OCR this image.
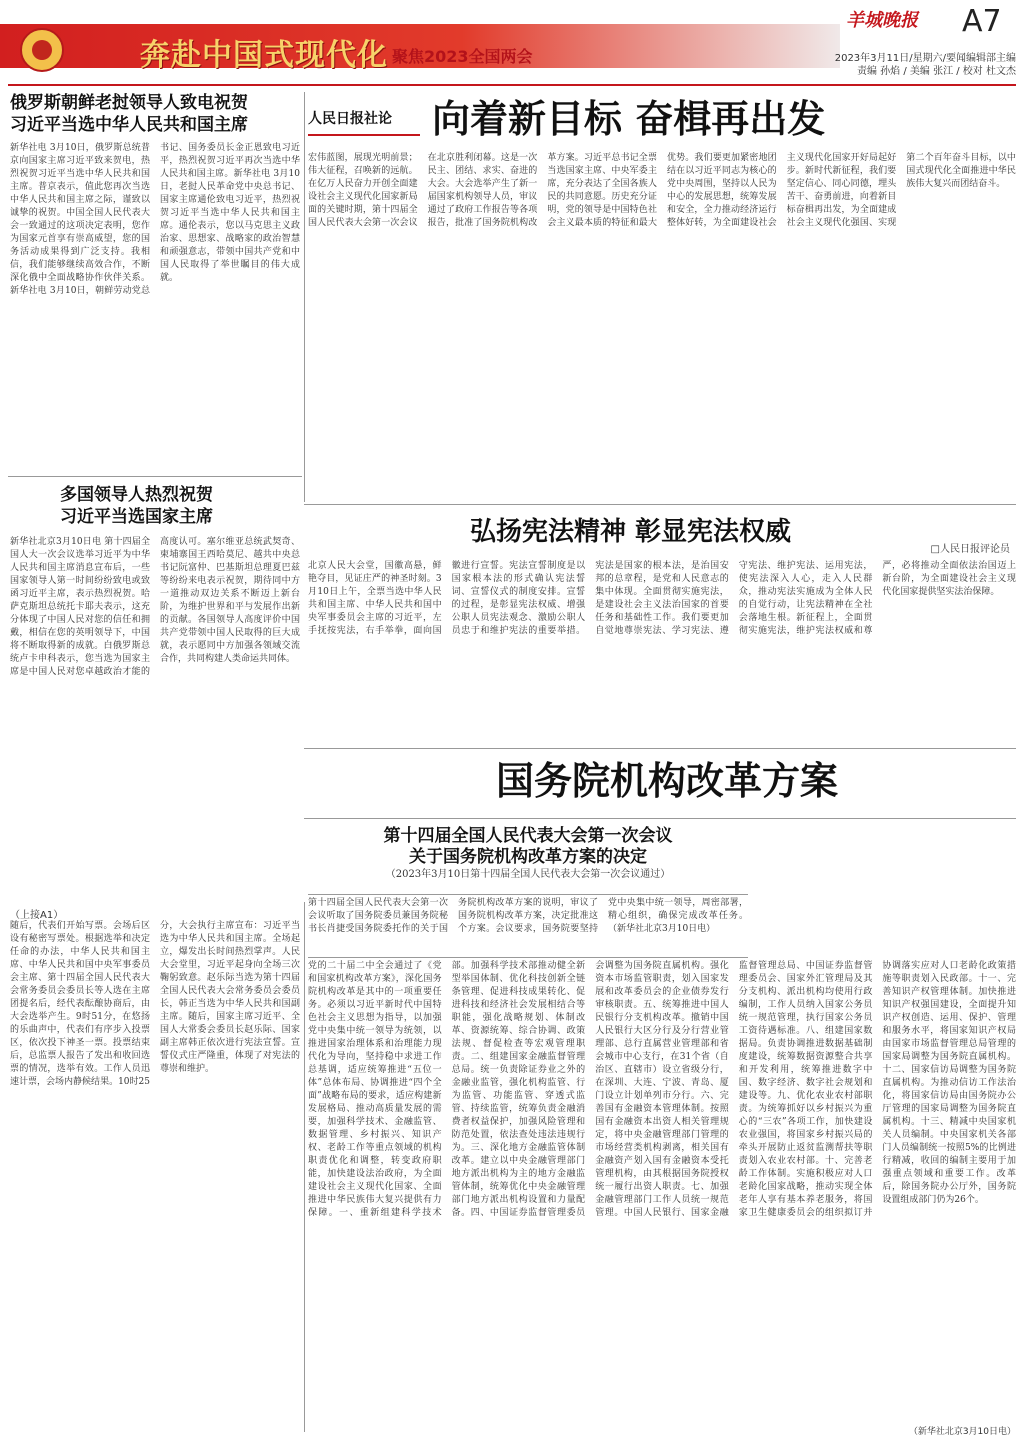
奔赴中国式现代化 聚焦2023全国两会
羊城晚报 A7
2023年3月11日/星期六/要闻编辑部主编
责编 孙焰 / 美编 张江 / 校对 杜文杰
俄罗斯朝鲜老挝领导人致电祝贺
习近平当选中华人民共和国主席
新华社电 3月10日，俄罗斯总统普京向国家主席习近平致来贺电，热烈祝贺习近平当选中华人民共和国主席。普京表示，值此您再次当选中华人民共和国主席之际，谨致以诚挚的祝贺。中国全国人民代表大会一致通过的这项决定表明，您作为国家元首享有崇高威望，您的国务活动成果得到广泛支持。我相信，我们能够继续高效合作，不断深化俄中全面战略协作伙伴关系。新华社电 3月10日，朝鲜劳动党总书记、国务委员长金正恩致电习近平，热烈祝贺习近平再次当选中华人民共和国主席。新华社电 3月10日，老挝人民革命党中央总书记、国家主席通伦致电习近平，热烈祝贺习近平当选中华人民共和国主席。通伦表示，您以马克思主义政治家、思想家、战略家的政治智慧和顽强意志，带领中国共产党和中国人民取得了举世瞩目的伟大成就。
人民日报社论	向着新目标 奋楫再出发
宏伟蓝图，展现光明前景；伟大征程，召唤新的远航。在亿万人民奋力开创全面建设社会主义现代化国家新局面的关键时期，第十四届全国人民代表大会第一次会议在北京胜利闭幕。这是一次民主、团结、求实、奋进的大会。大会选举产生了新一届国家机构领导人员，审议通过了政府工作报告等各项报告，批准了国务院机构改革方案。习近平总书记全票当选国家主席、中央军委主席，充分表达了全国各族人民的共同意愿。历史充分证明，党的领导是中国特色社会主义最本质的特征和最大优势。我们要更加紧密地团结在以习近平同志为核心的党中央周围，坚持以人民为中心的发展思想，统筹发展和安全，全力推动经济运行整体好转，为全面建设社会主义现代化国家开好局起好步。新时代新征程，我们要坚定信心、同心同德，埋头苦干、奋勇前进，向着新目标奋楫再出发，为全面建成社会主义现代化强国、实现第二个百年奋斗目标，以中国式现代化全面推进中华民族伟大复兴而团结奋斗。
多国领导人热烈祝贺
习近平当选国家主席
新华社北京3月10日电 第十四届全国人大一次会议选举习近平为中华人民共和国主席消息宣布后，一些国家领导人第一时间纷纷致电或致函习近平主席，表示热烈祝贺。哈萨克斯坦总统托卡耶夫表示，这充分体现了中国人民对您的信任和拥戴，相信在您的英明领导下，中国将不断取得新的成就。白俄罗斯总统卢卡申科表示，您当选为国家主席是中国人民对您卓越政治才能的高度认可。塞尔维亚总统武契奇、柬埔寨国王西哈莫尼、越共中央总书记阮富仲、巴基斯坦总理夏巴兹等纷纷来电表示祝贺，期待同中方一道推动双边关系不断迈上新台阶，为维护世界和平与发展作出新的贡献。各国领导人高度评价中国共产党带领中国人民取得的巨大成就，表示愿同中方加强各领域交流合作，共同构建人类命运共同体。
弘扬宪法精神 彰显宪法权威
□人民日报评论员
北京人民大会堂，国徽高悬，鲜艳夺目，见证庄严的神圣时刻。3月10日上午，全票当选中华人民共和国主席、中华人民共和国中央军事委员会主席的习近平，左手抚按宪法，右手举拳，面向国徽进行宣誓。宪法宣誓制度是以国家根本法的形式确认宪法誓词、宣誓仪式的制度安排。宣誓的过程，是彰显宪法权威、增强公职人员宪法观念、激励公职人员忠于和维护宪法的重要举措。宪法是国家的根本法，是治国安邦的总章程，是党和人民意志的集中体现。全面贯彻实施宪法，是建设社会主义法治国家的首要任务和基础性工作。我们要更加自觉地尊崇宪法、学习宪法、遵守宪法、维护宪法、运用宪法，使宪法深入人心，走入人民群众，推动宪法实施成为全体人民的自觉行动，让宪法精神在全社会落地生根。新征程上，全面贯彻实施宪法，维护宪法权威和尊严，必将推动全面依法治国迈上新台阶，为全面建设社会主义现代化国家提供坚实法治保障。
国务院机构改革方案
第十四届全国人民代表大会第一次会议
关于国务院机构改革方案的决定
（2023年3月10日第十四届全国人民代表大会第一次会议通过）
第十四届全国人民代表大会第一次会议听取了国务院委员兼国务院秘书长肖捷受国务院委托作的关于国务院机构改革方案的说明，审议了国务院机构改革方案，决定批准这个方案。会议要求，国务院要坚持党中央集中统一领导，周密部署，精心组织，确保完成改革任务。 （新华社北京3月10日电）
（上接A1）
随后，代表们开始写票。会场后区设有秘密写票处。根据选举和决定任命的办法，中华人民共和国主席、中华人民共和国中央军事委员会主席、第十四届全国人民代表大会常务委员会委员长等人选在主席团提名后，经代表酝酿协商后，由大会选举产生。9时51分，在悠扬的乐曲声中，代表们有序步入投票区，依次投下神圣一票。投票结束后，总监票人报告了发出和收回选票的情况，选举有效。工作人员迅速计票，会场内静候结果。10时25分，大会执行主席宣布：习近平当选为中华人民共和国主席。全场起立，爆发出长时间热烈掌声。人民大会堂里，习近平起身向全场三次鞠躬致意。赵乐际当选为第十四届全国人民代表大会常务委员会委员长，韩正当选为中华人民共和国副主席。随后，国家主席习近平、全国人大常委会委员长赵乐际、国家副主席韩正依次进行宪法宣誓。宣誓仪式庄严隆重，体现了对宪法的尊崇和维护。
党的二十届二中全会通过了《党和国家机构改革方案》，深化国务院机构改革是其中的一项重要任务。必须以习近平新时代中国特色社会主义思想为指导，以加强党中央集中统一领导为统领，以推进国家治理体系和治理能力现代化为导向，坚持稳中求进工作总基调，适应统筹推进“五位一体”总体布局、协调推进“四个全面”战略布局的要求，适应构建新发展格局、推动高质量发展的需要，加强科学技术、金融监管、数据管理、乡村振兴、知识产权、老龄工作等重点领域的机构职责优化和调整，转变政府职能，加快建设法治政府，为全面建设社会主义现代化国家、全面推进中华民族伟大复兴提供有力保障。一、重新组建科学技术部。加强科学技术部推动健全新型举国体制、优化科技创新全链条管理、促进科技成果转化、促进科技和经济社会发展相结合等职能，强化战略规划、体制改革、资源统筹、综合协调、政策法规、督促检查等宏观管理职责。二、组建国家金融监督管理总局。统一负责除证券业之外的金融业监管，强化机构监管、行为监管、功能监管、穿透式监管、持续监管，统筹负责金融消费者权益保护，加强风险管理和防范处置，依法查处违法违规行为。三、深化地方金融监管体制改革。建立以中央金融管理部门地方派出机构为主的地方金融监管体制，统筹优化中央金融管理部门地方派出机构设置和力量配备。四、中国证券监督管理委员会调整为国务院直属机构。强化资本市场监管职责，划入国家发展和改革委员会的企业债券发行审核职责。五、统筹推进中国人民银行分支机构改革。撤销中国人民银行大区分行及分行营业管理部、总行直属营业管理部和省会城市中心支行，在31个省（自治区、直辖市）设立省级分行，在深圳、大连、宁波、青岛、厦门设立计划单列市分行。六、完善国有金融资本管理体制。按照国有金融资本出资人相关管理规定，将中央金融管理部门管理的市场经营类机构剥离，相关国有金融资产划入国有金融资本受托管理机构，由其根据国务院授权统一履行出资人职责。七、加强金融管理部门工作人员统一规范管理。中国人民银行、国家金融监督管理总局、中国证券监督管理委员会、国家外汇管理局及其分支机构、派出机构均使用行政编制，工作人员纳入国家公务员统一规范管理，执行国家公务员工资待遇标准。八、组建国家数据局。负责协调推进数据基础制度建设，统筹数据资源整合共享和开发利用，统筹推进数字中国、数字经济、数字社会规划和建设等。九、优化农业农村部职责。为统筹抓好以乡村振兴为重心的“三农”各项工作，加快建设农业强国，将国家乡村振兴局的牵头开展防止返贫监测帮扶等职责划入农业农村部。十、完善老龄工作体制。实施积极应对人口老龄化国家战略，推动实现全体老年人享有基本养老服务，将国家卫生健康委员会的组织拟订并协调落实应对人口老龄化政策措施等职责划入民政部。十一、完善知识产权管理体制。加快推进知识产权强国建设，全面提升知识产权创造、运用、保护、管理和服务水平，将国家知识产权局由国家市场监督管理总局管理的国家局调整为国务院直属机构。十二、国家信访局调整为国务院直属机构。为推动信访工作法治化，将国家信访局由国务院办公厅管理的国家局调整为国务院直属机构。十三、精减中央国家机关人员编制。中央国家机关各部门人员编制统一按照5%的比例进行精减，收回的编制主要用于加强重点领域和重要工作。改革后，除国务院办公厅外，国务院设置组成部门仍为26个。
（新华社北京3月10日电）
